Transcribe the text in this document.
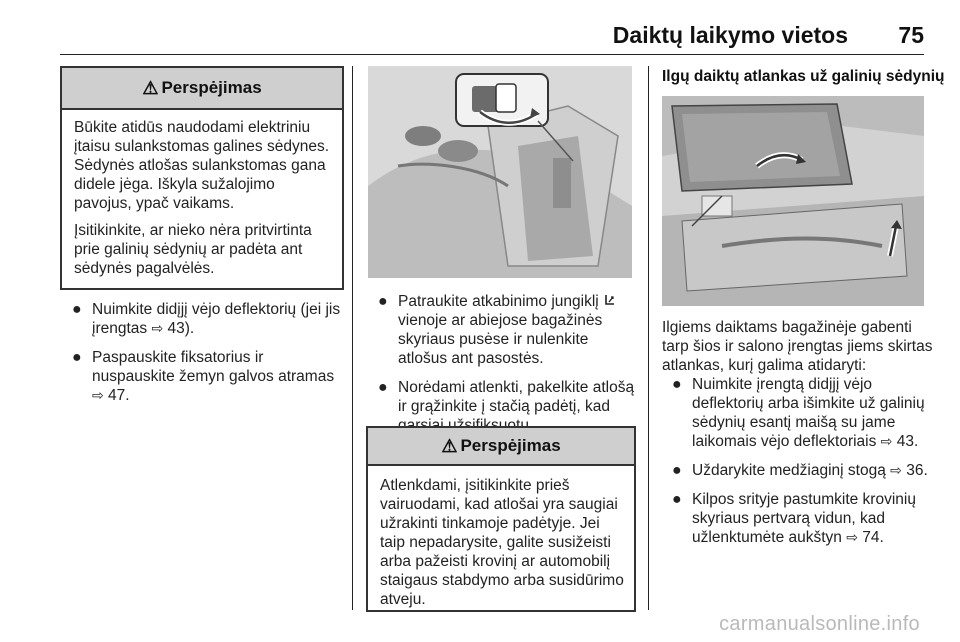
Daiktų laikymo vietos 75
⚠ Perspėjimas

Būkite atidūs naudodami elektriniu įtaisu sulankstomas galines sėdynes. Sėdynės atlošas sulankstomas gana didele jėga. Iškyla sužalojimo pavojus, ypač vaikams.

Įsitikinkite, ar nieko nėra pritvirtinta prie galinių sėdynių ar padėta ant sėdynės pagalvėlės.

● Nuimkite didįjį vėjo deflektorių (jei jis įrengtas ⇨ 43).
● Paspauskite fiksatorius ir nuspauskite žemyn galvos atramas ⇨ 47.
● Patraukite atkabinimo jungiklį  vienoje ar abiejose bagažinės skyriaus pusėse ir nulenkite atlošus ant pasostės.
● Norėdami atlenkti, pakelkite atlošą ir grąžinkite į stačią padėtį, kad
⚠ Perspėjimas

Atlenkdami, įsitikinkite prieš vairuodami, kad atlošai yra saugiai užrakinti tinkamoje padėtyje. Jei taip nepadarysite, galite susižeisti arba pažeisti krovinį ar automobilį staigaus stabdymo arba susidūrimo atveju.

Ilgų daiktų atlankas už galinių sėdynių
Ilgiems daiktams bagažinėje gabenti tarp šios ir salono įrengtas jiems skirtas atlankas, kurį galima atidaryti:
● Nuimkite įrengtą didįjį vėjo deflektorių arba išimkite už galinių sėdynių esantį maišą su jame laikomais vėjo deflektoriais ⇨ 43.
● Uždarykite medžiaginį stogą ⇨ 36.
● Kilpos srityje pastumkite krovinių skyriaus pertvarą vidun, kad užlenktumėte aukštyn ⇨ 74.
carmanualsonline.info
